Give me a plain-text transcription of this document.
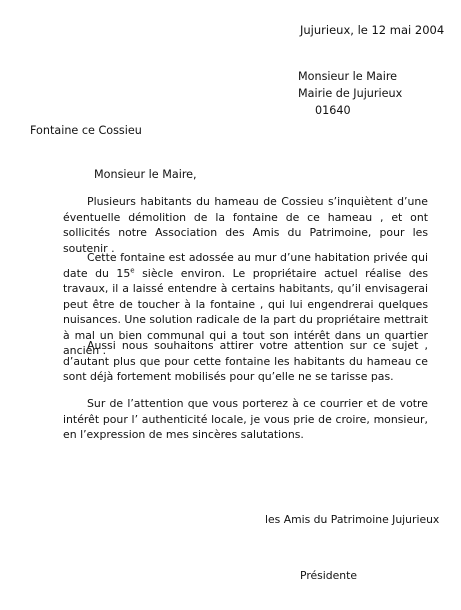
Jujurieux, le 12 mai 2004
Monsieur le Maire
Mairie de Jujurieux
01640
Fontaine ce Cossieu
Monsieur le Maire,

Plusieurs habitants du hameau de Cossieu s’inquiètent d’une éventuelle démolition de la fontaine de ce hameau , et ont sollicités notre Association des Amis du Patrimoine, pour les soutenir .

Cette fontaine est adossée au mur d’une habitation privée qui date du 15e siècle environ. Le propriétaire actuel réalise des travaux, il a laissé entendre à certains habitants, qu’il envisagerai peut être de toucher à la fontaine , qui lui engendrerai quelques nuisances. Une solution radicale de la part du propriétaire mettrait à mal un bien communal qui a tout son intérêt dans un quartier ancien .

Aussi nous souhaitons attirer votre attention sur ce sujet , d’autant plus que pour cette fontaine les habitants du hameau ce sont déjà fortement mobilisés pour qu’elle ne se tarisse pas.

Sur de l’attention que vous porterez à ce courrier et de votre intérêt pour l’ authenticité locale, je vous prie de croire, monsieur, en l’expression de mes sincères salutations.

les Amis du Patrimoine Jujurieux
Présidente
